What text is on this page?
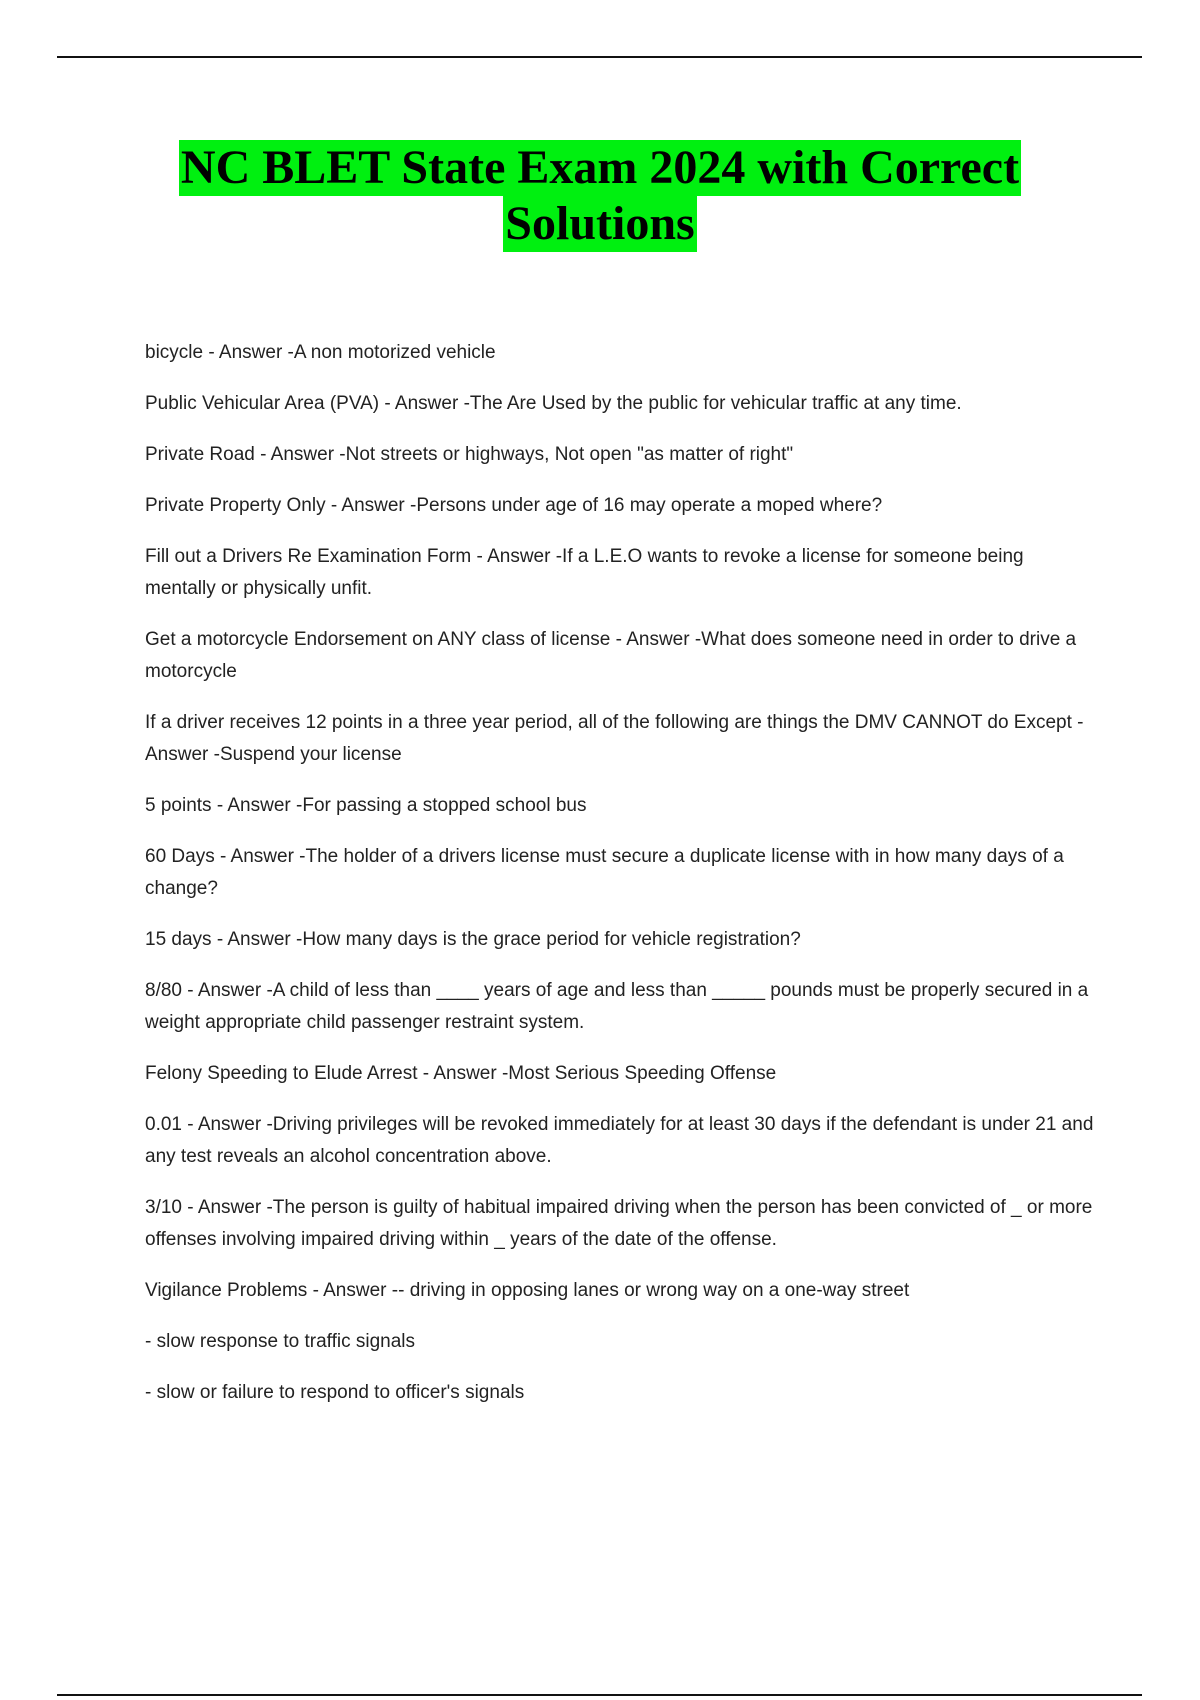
NC BLET State Exam 2024 with Correct
Solutions

bicycle - Answer -A non motorized vehicle

Public Vehicular Area (PVA) - Answer -The Are Used by the public for vehicular traffic at any time.

Private Road - Answer -Not streets or highways, Not open "as matter of right"

Private Property Only - Answer -Persons under age of 16 may operate a moped where?

Fill out a Drivers Re Examination Form - Answer -If a L.E.O wants to revoke a license for someone being mentally or physically unfit.

Get a motorcycle Endorsement on ANY class of license - Answer -What does someone need in order to drive a motorcycle

If a driver receives 12 points in a three year period, all of the following are things the DMV CANNOT do Except - Answer -Suspend your license

5 points - Answer -For passing a stopped school bus

60 Days - Answer -The holder of a drivers license must secure a duplicate license with in how many days of a change?

15 days - Answer -How many days is the grace period for vehicle registration?

8/80 - Answer -A child of less than ____ years of age and less than _____ pounds must be properly secured in a weight appropriate child passenger restraint system.

Felony Speeding to Elude Arrest - Answer -Most Serious Speeding Offense

0.01 - Answer -Driving privileges will be revoked immediately for at least 30 days if the defendant is under 21 and any test reveals an alcohol concentration above.

3/10 - Answer -The person is guilty of habitual impaired driving when the person has been convicted of _ or more offenses involving impaired driving within _ years of the date of the offense.

Vigilance Problems - Answer -- driving in opposing lanes or wrong way on a one-way street

- slow response to traffic signals

- slow or failure to respond to officer's signals
